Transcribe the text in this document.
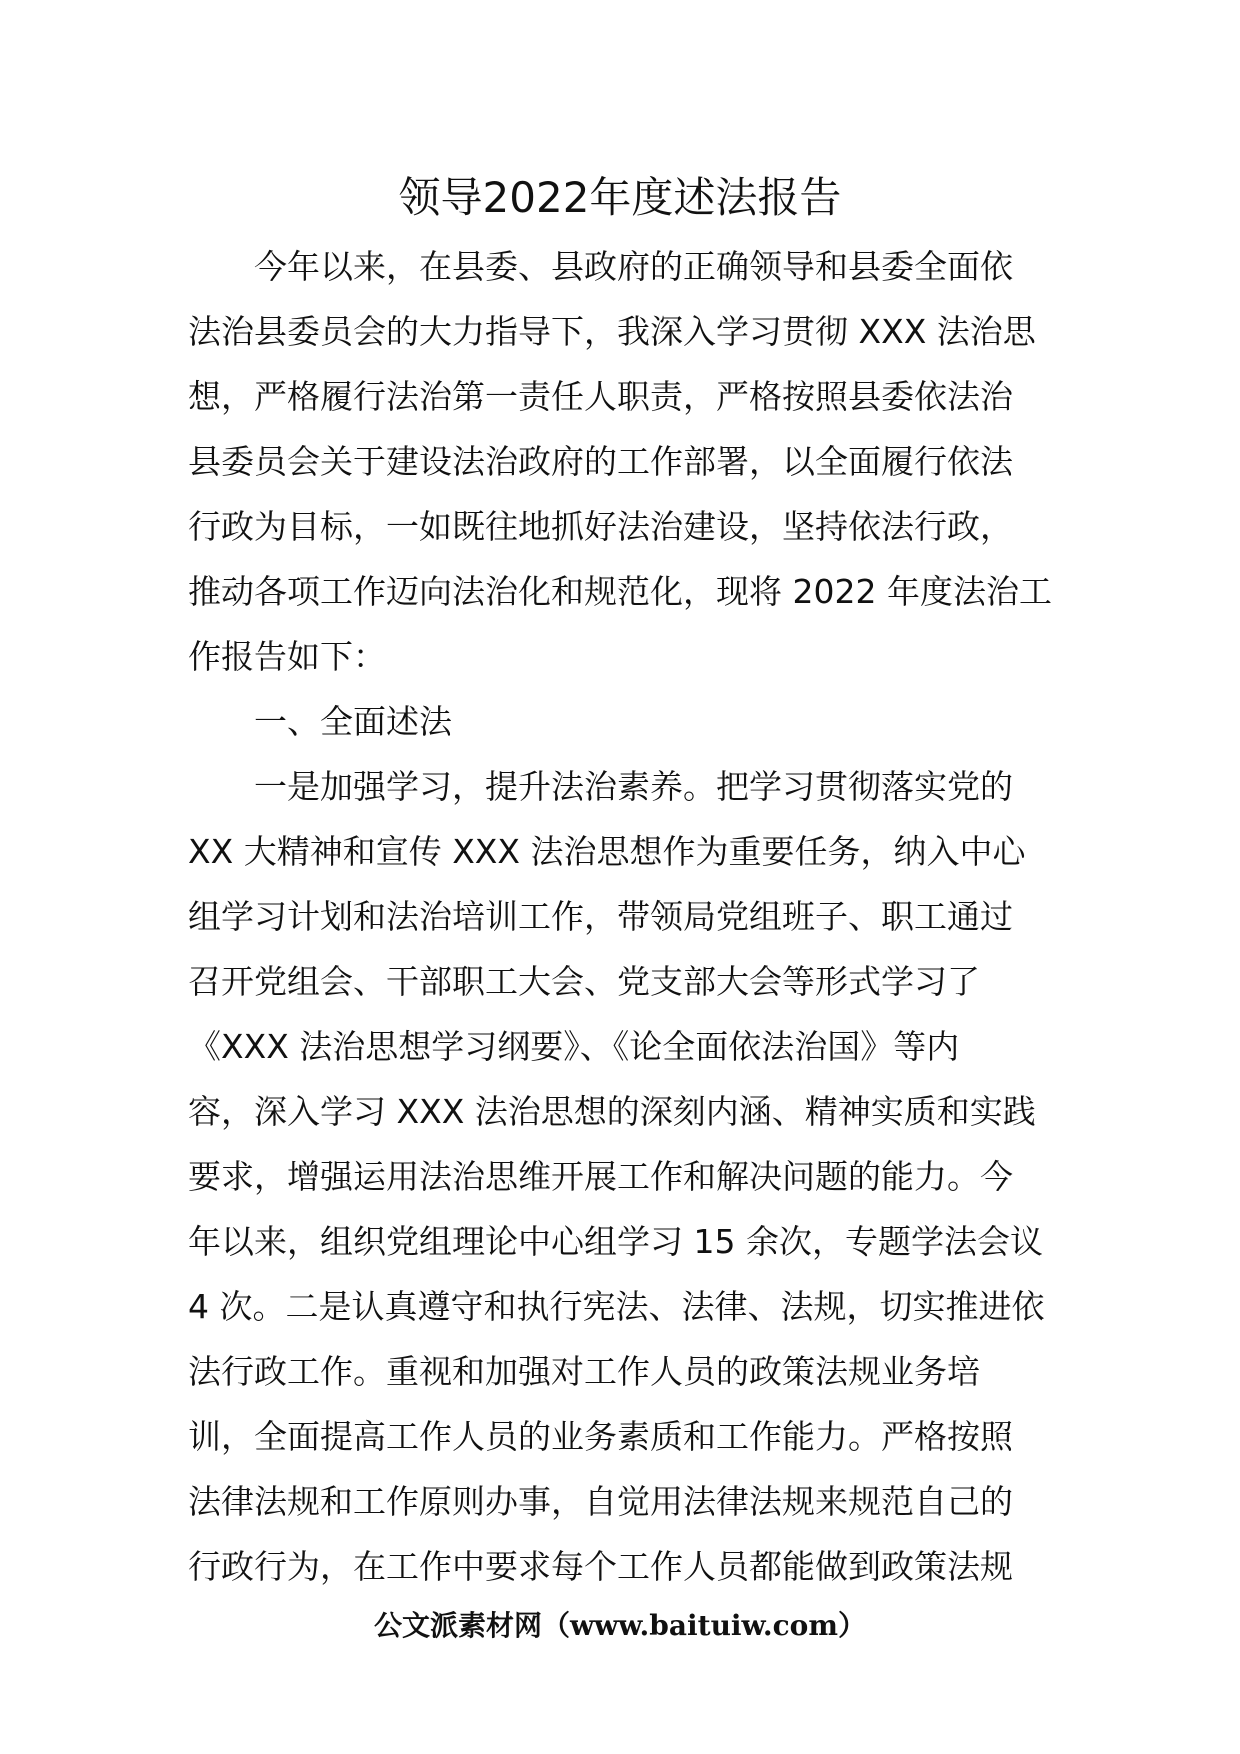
领导2022年度述法报告
今年以来，在县委、县政府的正确领导和县委全面依
法治县委员会的大力指导下，我深入学习贯彻 XXX 法治思
想，严格履行法治第一责任人职责，严格按照县委依法治
县委员会关于建设法治政府的工作部署，以全面履行依法
行政为目标，一如既往地抓好法治建设，坚持依法行政，
推动各项工作迈向法治化和规范化，现将 2022 年度法治工
作报告如下：
一、全面述法
一是加强学习，提升法治素养。把学习贯彻落实党的
XX 大精神和宣传 XXX 法治思想作为重要任务，纳入中心
组学习计划和法治培训工作，带领局党组班子、职工通过
召开党组会、干部职工大会、党支部大会等形式学习了
《XXX 法治思想学习纲要》、《论全面依法治国》等内
容，深入学习 XXX 法治思想的深刻内涵、精神实质和实践
要求，增强运用法治思维开展工作和解决问题的能力。今
年以来，组织党组理论中心组学习 15 余次，专题学法会议
4 次。二是认真遵守和执行宪法、法律、法规，切实推进依
法行政工作。重视和加强对工作人员的政策法规业务培
训，全面提高工作人员的业务素质和工作能力。严格按照
法律法规和工作原则办事，自觉用法律法规来规范自己的
行政行为，在工作中要求每个工作人员都能做到政策法规
公文派素材网（www.baituiw.com）
